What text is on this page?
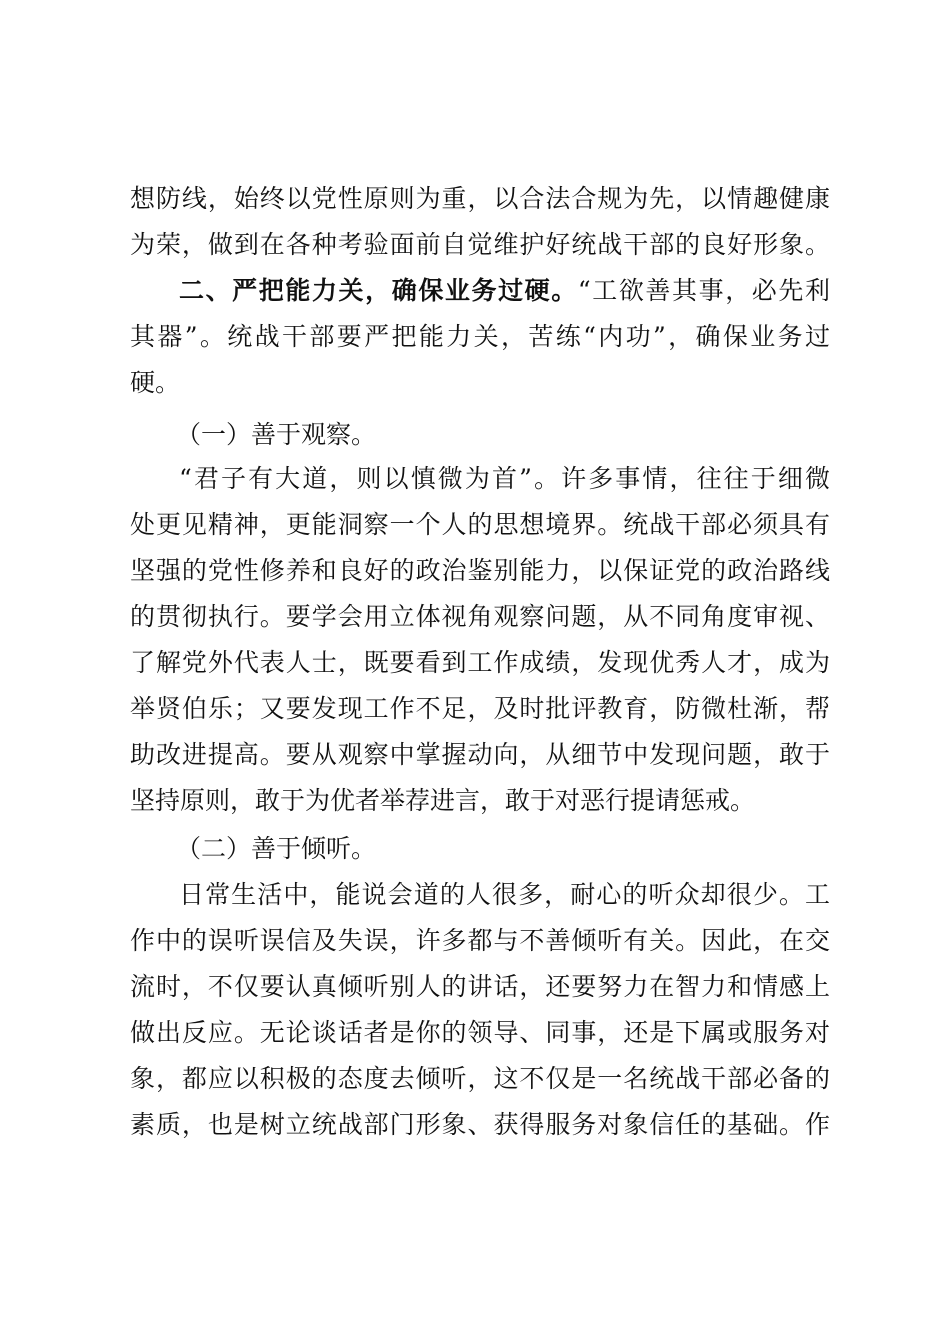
想防线，始终以党性原则为重，以合法合规为先，以情趣健康
为荣，做到在各种考验面前自觉维护好统战干部的良好形象。
二、严把能力关，确保业务过硬。“工欲善其事，必先利
其器”。统战干部要严把能力关，苦练“内功”，确保业务过
硬。
（一）善于观察。
“君子有大道，则以慎微为首”。许多事情，往往于细微
处更见精神，更能洞察一个人的思想境界。统战干部必须具有
坚强的党性修养和良好的政治鉴别能力，以保证党的政治路线
的贯彻执行。要学会用立体视角观察问题，从不同角度审视、
了解党外代表人士，既要看到工作成绩，发现优秀人才，成为
举贤伯乐；又要发现工作不足，及时批评教育，防微杜渐，帮
助改进提高。要从观察中掌握动向，从细节中发现问题，敢于
坚持原则，敢于为优者举荐进言，敢于对恶行提请惩戒。
（二）善于倾听。
日常生活中，能说会道的人很多，耐心的听众却很少。工
作中的误听误信及失误，许多都与不善倾听有关。因此，在交
流时，不仅要认真倾听别人的讲话，还要努力在智力和情感上
做出反应。无论谈话者是你的领导、同事，还是下属或服务对
象，都应以积极的态度去倾听，这不仅是一名统战干部必备的
素质，也是树立统战部门形象、获得服务对象信任的基础。作
